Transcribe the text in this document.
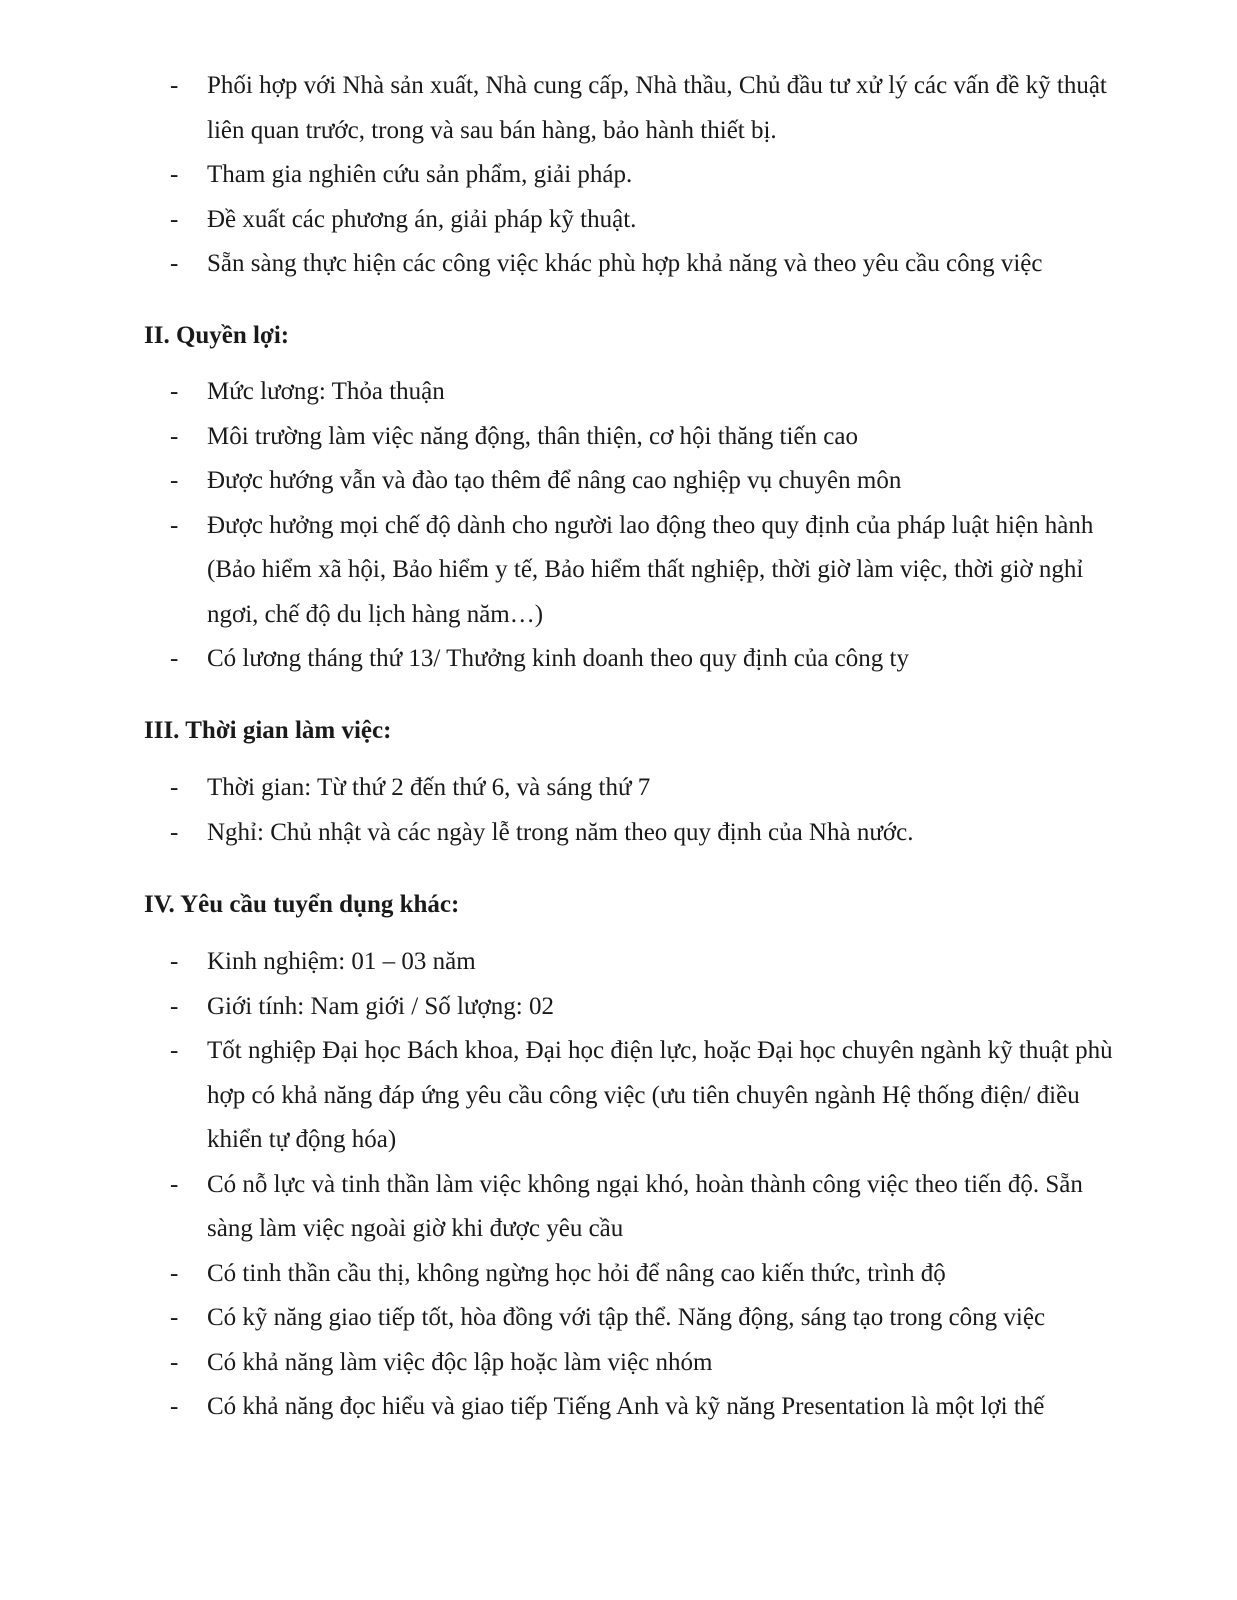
- Phối hợp với Nhà sản xuất, Nhà cung cấp, Nhà thầu, Chủ đầu tư xử lý các vấn đề kỹ thuật liên quan trước, trong và sau bán hàng, bảo hành thiết bị.
- Tham gia nghiên cứu sản phẩm, giải pháp.
- Đề xuất các phương án, giải pháp kỹ thuật.
- Sẵn sàng thực hiện các công việc khác phù hợp khả năng và theo yêu cầu công việc
II. Quyền lợi:
- Mức lương: Thỏa thuận
- Môi trường làm việc năng động, thân thiện, cơ hội thăng tiến cao
- Được hướng vẫn và đào tạo thêm để nâng cao nghiệp vụ chuyên môn
- Được hưởng mọi chế độ dành cho người lao động theo quy định của pháp luật hiện hành (Bảo hiểm xã hội, Bảo hiểm y tế, Bảo hiểm thất nghiệp, thời giờ làm việc, thời giờ nghỉ ngơi, chế độ du lịch hàng năm…)
- Có lương tháng thứ 13/ Thưởng kinh doanh theo quy định của công ty
III. Thời gian làm việc:
- Thời gian: Từ thứ 2 đến thứ 6, và sáng thứ 7
- Nghỉ: Chủ nhật và các ngày lễ trong năm theo quy định của Nhà nước.
IV. Yêu cầu tuyển dụng khác:
- Kinh nghiệm: 01 – 03 năm
- Giới tính: Nam giới / Số lượng: 02
- Tốt nghiệp Đại học Bách khoa, Đại học điện lực, hoặc Đại học chuyên ngành kỹ thuật phù hợp có khả năng đáp ứng yêu cầu công việc (ưu tiên chuyên ngành Hệ thống điện/ điều khiển tự động hóa)
- Có nỗ lực và tinh thần làm việc không ngại khó, hoàn thành công việc theo tiến độ. Sẵn sàng làm việc ngoài giờ khi được yêu cầu
- Có tinh thần cầu thị, không ngừng học hỏi để nâng cao kiến thức, trình độ
- Có kỹ năng giao tiếp tốt, hòa đồng với tập thể. Năng động, sáng tạo trong công việc
- Có khả năng làm việc độc lập hoặc làm việc nhóm
- Có khả năng đọc hiểu và giao tiếp Tiếng Anh và kỹ năng Presentation là một lợi thế
